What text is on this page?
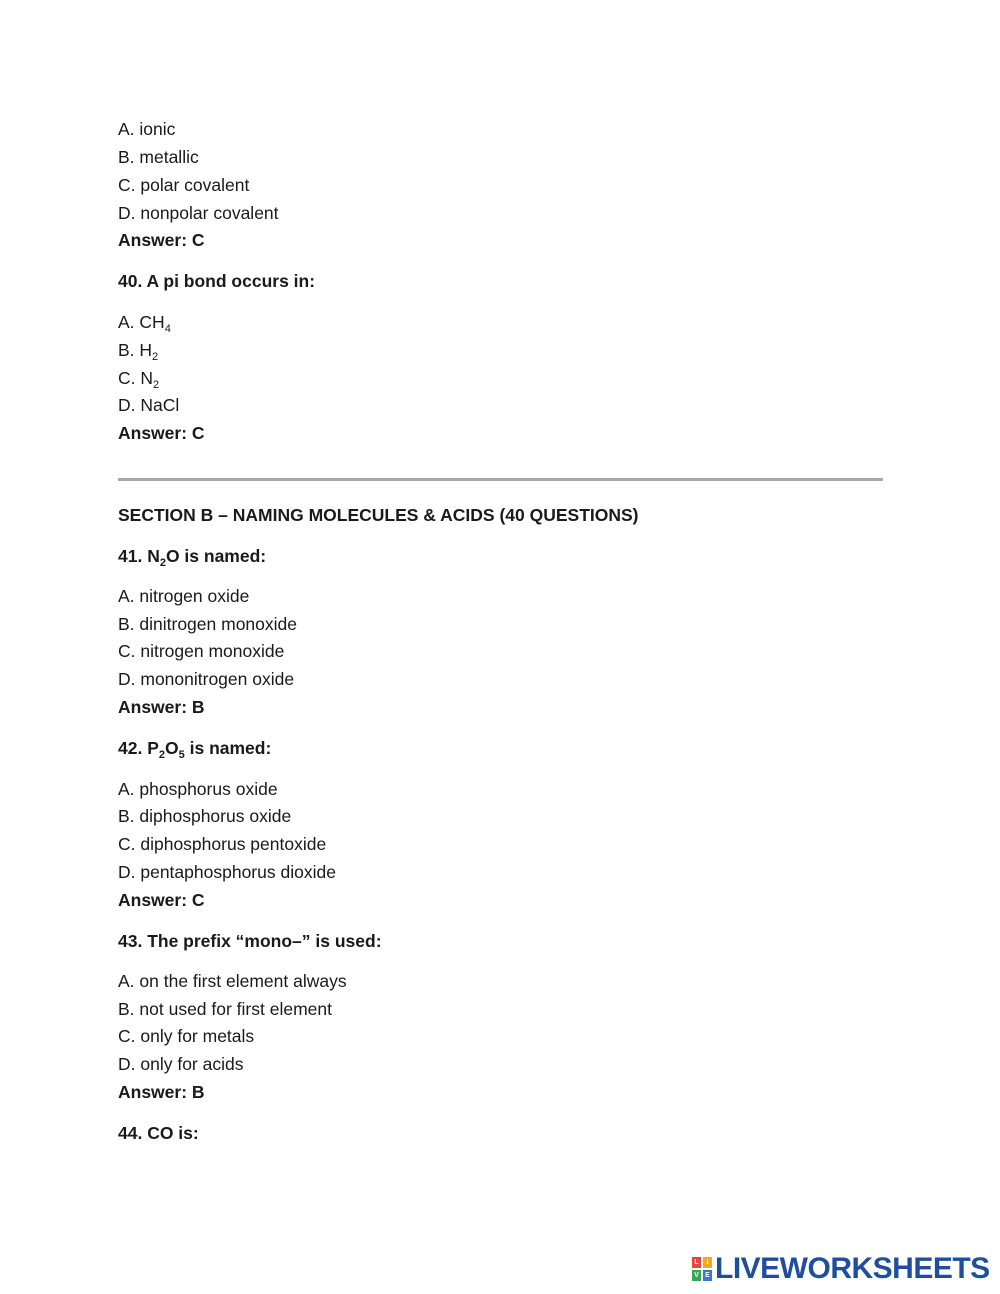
A. ionic
B. metallic
C. polar covalent
D. nonpolar covalent
Answer: C
40. A pi bond occurs in:
A. $CH_4$
B. $H_2$
C. $N_2$
D. NaCl
Answer: C
SECTION B – NAMING MOLECULES & ACIDS (40 QUESTIONS)
41. $N_2O$ is named:
A. nitrogen oxide
B. dinitrogen monoxide
C. nitrogen monoxide
D. mononitrogen oxide
Answer: B
42. $P_2O_5$ is named:
A. phosphorus oxide
B. diphosphorus oxide
C. diphosphorus pentoxide
D. pentaphosphorus dioxide
Answer: C
43. The prefix “mono–” is used:
A. on the first element always
B. not used for first element
C. only for metals
D. only for acids
Answer: B
44. CO is:
L	I
V E LIVEWORKSHEETS
